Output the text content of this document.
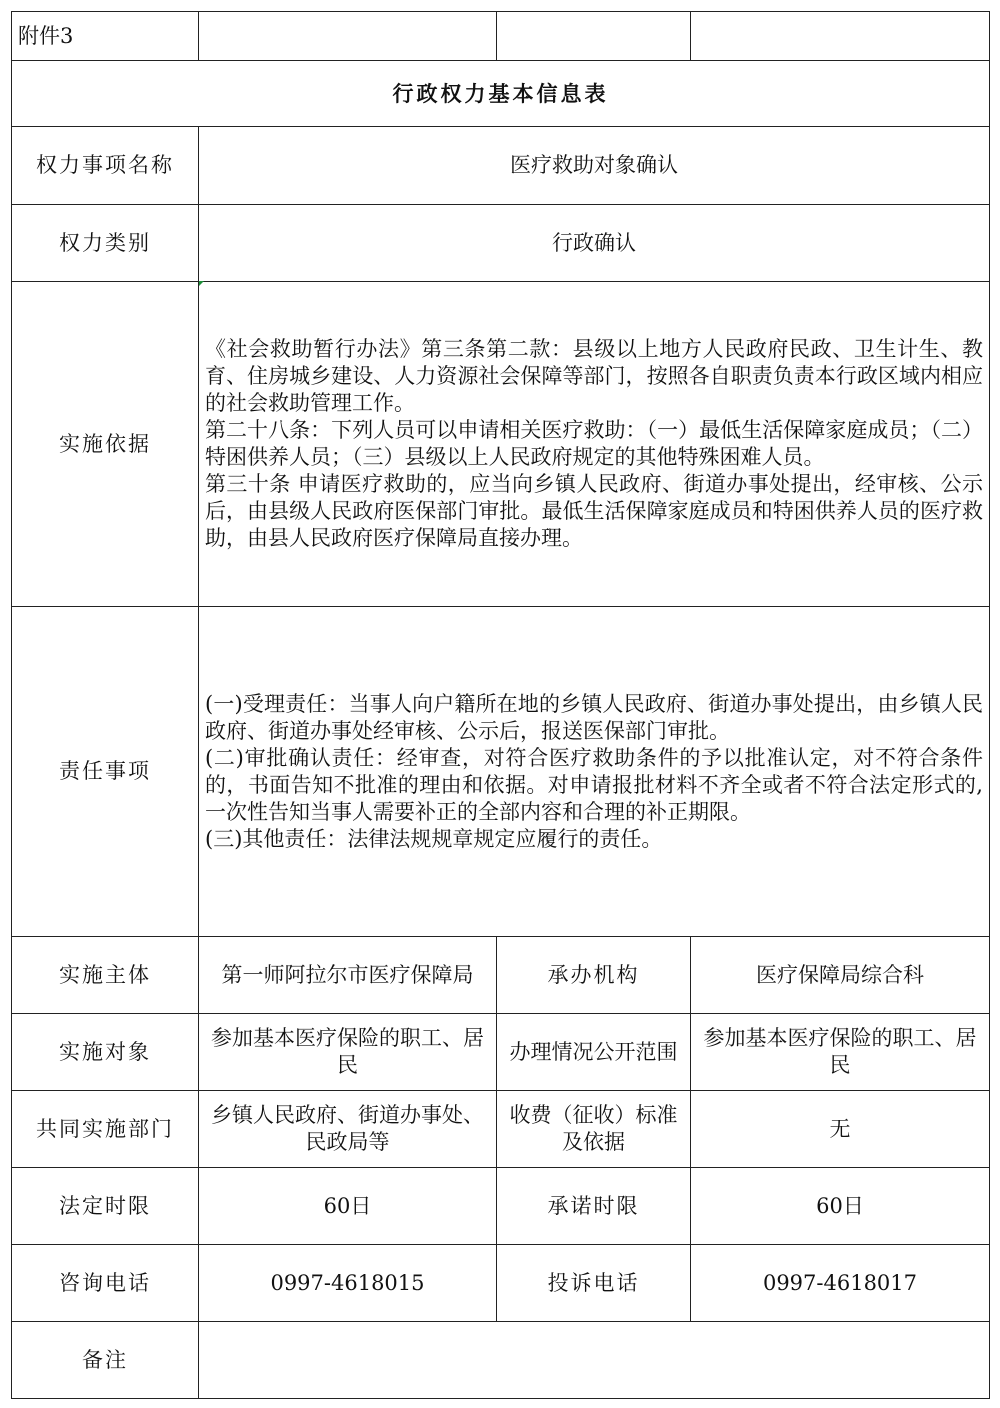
附件3			
行政权力基本信息表			
权力事项名称	医疗救助对象确认		
权力类别	行政确认		
实施依据	《社会救助暂行办法》第三条第二款：县级以上地方人民政府民政、卫生计生、教育、住房城乡建设、人力资源社会保障等部门，按照各自职责负责本行政区域内相应的社会救助管理工作。

第二十八条：下列人员可以申请相关医疗救助：（一）最低生活保障家庭成员；（二）特困供养人员；（三）县级以上人民政府规定的其他特殊困难人员。

第三十条 申请医疗救助的，应当向乡镇人民政府、街道办事处提出，经审核、公示后，由县级人民政府医保部门审批。最低生活保障家庭成员和特困供养人员的医疗救助，由县人民政府医疗保障局直接办理。		

责任事项	(一)受理责任：当事人向户籍所在地的乡镇人民政府、街道办事处提出，由乡镇人民政府、街道办事处经审核、公示后，报送医保部门审批。

(二)审批确认责任：经审查，对符合医疗救助条件的予以批准认定，对不符合条件的，书面告知不批准的理由和依据。对申请报批材料不齐全或者不符合法定形式的,一次性告知当事人需要补正的全部内容和合理的补正期限。

(三)其他责任：法律法规规章规定应履行的责任。		

实施主体	第一师阿拉尔市医疗保障局	承办机构	医疗保障局综合科
实施对象	参加基本医疗保险的职工、居民	办理情况公开范围	参加基本医疗保险的职工、居民
共同实施部门	乡镇人民政府、街道办事处、民政局等	收费（征收）标准及依据	无
法定时限	60日	承诺时限	60日
咨询电话	0997-4618015	投诉电话	0997-4618017
备注			
